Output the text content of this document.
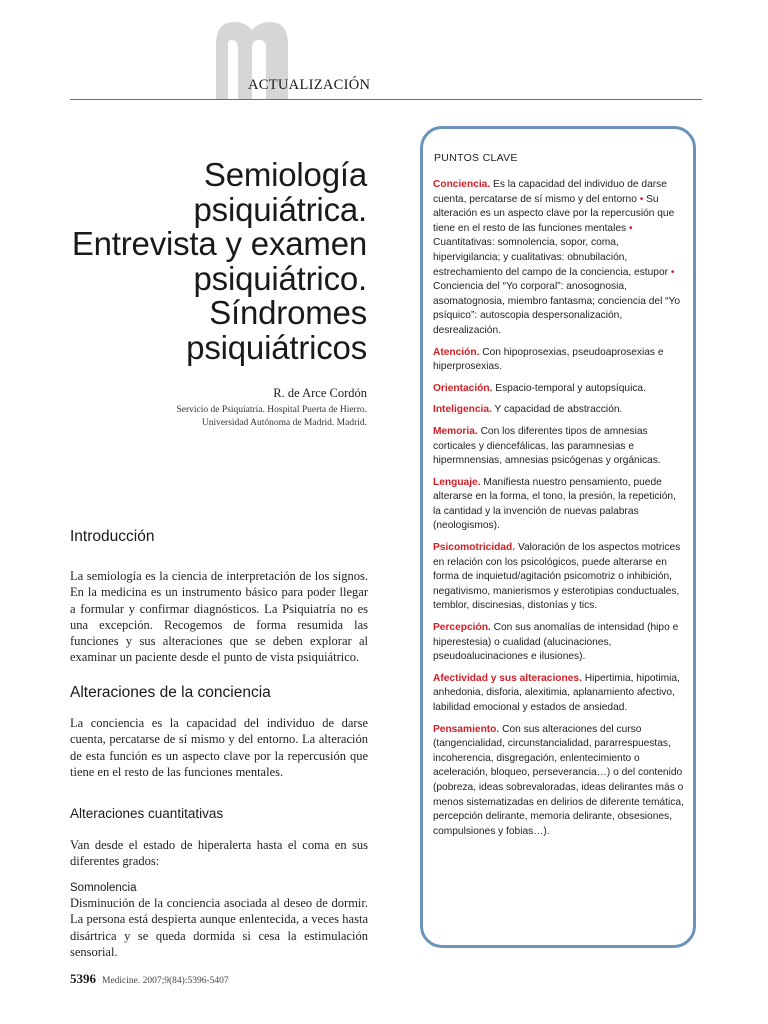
ACTUALIZACIÓN
Semiología
psiquiátrica.
Entrevista y examen
psiquiátrico.
Síndromes
psiquiátricos
R. de Arce Cordón
Servicio de Psiquiatría. Hospital Puerta de Hierro.
Universidad Autónoma de Madrid. Madrid.
Introducción

La semiología es la ciencia de interpretación de los signos. En la medicina es un instrumento básico para poder llegar a formular y confirmar diagnósticos. La Psiquiatría no es una excepción. Recogemos de forma resumida las funciones y sus alteraciones que se deben explorar al examinar un paciente desde el punto de vista psiquiátrico.

Alteraciones de la conciencia

La conciencia es la capacidad del individuo de darse cuenta, percatarse de sí mismo y del entorno. La alteración de esta función es un aspecto clave por la repercusión que tiene en el resto de las funciones mentales.

Alteraciones cuantitativas

Van desde el estado de hiperalerta hasta el coma en sus diferentes grados:

Somnolencia

Disminución de la conciencia asociada al deseo de dormir. La persona está despierta aunque enlentecida, a veces hasta disártrica y se queda dormida si cesa la estimulación sensorial.

5396 Medicine. 2007;9(84):5396-5407
PUNTOS CLAVE
Conciencia. Es la capacidad del individuo de darse cuenta, percatarse de sí mismo y del entorno • Su alteración es un aspecto clave por la repercusión que tiene en el resto de las funciones mentales • Cuantitativas: somnolencia, sopor, coma, hipervigilancia; y cualitativas: obnubilación, estrechamiento del campo de la conciencia, estupor • Conciencia del “Yo corporal”: anosognosia, asomatognosia, miembro fantasma; conciencia del “Yo psíquico”: autoscopia despersonalización, desrealización.
Atención. Con hipoprosexias, pseudoaprosexias e hiperprosexias.
Orientación. Espacio-temporal y autopsíquica.
Inteligencia. Y capacidad de abstracción.
Memoria. Con los diferentes tipos de amnesias corticales y diencefálicas, las paramnesias e hipermnensias, amnesias psicógenas y orgánicas.
Lenguaje. Manifiesta nuestro pensamiento, puede alterarse en la forma, el tono, la presión, la repetición, la cantidad y la invención de nuevas palabras (neologismos).
Psicomotricidad. Valoración de los aspectos motrices en relación con los psicológicos, puede alterarse en forma de inquietud/agitación psicomotriz o inhibición, negativismo, manierismos y esterotipias conductuales, temblor, discinesias, distonías y tics.
Percepción. Con sus anomalías de intensidad (hipo e hiperestesia) o cualidad (alucinaciones, pseudoalucinaciones e ilusiones).
Afectividad y sus alteraciones. Hipertimia, hipotimia, anhedonia, disforia, alexitimia, aplanamiento afectivo, labilidad emocional y estados de ansiedad.
Pensamiento. Con sus alteraciones del curso (tangencialidad, circunstancialidad, pararrespuestas, incoherencia, disgregación, enlentecimiento o aceleración, bloqueo, perseverancia…) o del contenido (pobreza, ideas sobrevaloradas, ideas delirantes más o menos sistematizadas en delirios de diferente temática, percepción delirante, memoria delirante, obsesiones, compulsiones y fobias…).
